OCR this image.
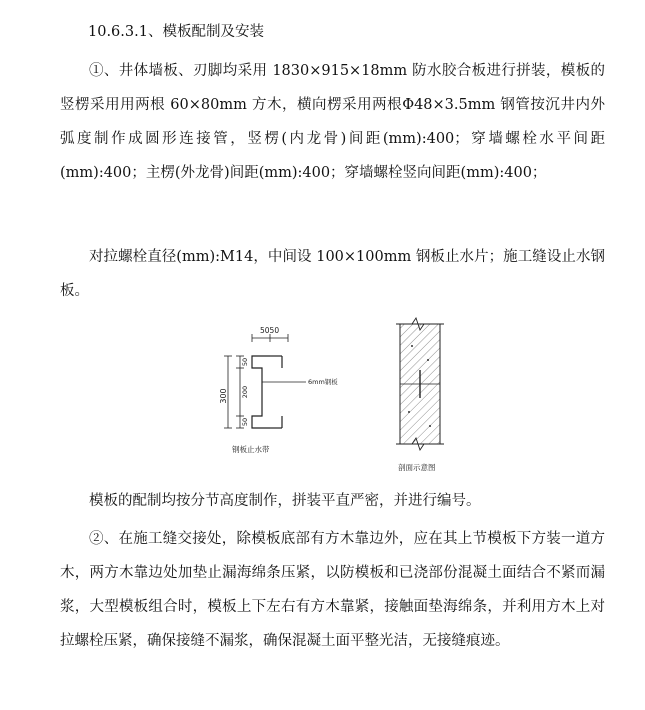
10.6.3.1、模板配制及安装

①、井体墙板、刃脚均采用 1830×915×18mm 防水胶合板进行拼装，模板的竖楞采用用两根 60×80mm 方木，横向楞采用两根Φ48×3.5mm 钢管按沉井内外弧度制作成圆形连接管，竖楞(内龙骨)间距(mm):400；穿墙螺栓水平间距(mm):400；主楞(外龙骨)间距(mm):400；穿墙螺栓竖向间距(mm):400；

对拉螺栓直径(mm):M14，中间设 100×100mm 钢板止水片；施工缝设止水钢板。

5050
300
50
200
50
6mm钢板
钢板止水带
剖面示意图

模板的配制均按分节高度制作，拼装平直严密，并进行编号。

②、在施工缝交接处，除模板底部有方木靠边外，应在其上节模板下方装一道方木，两方木靠边处加垫止漏海绵条压紧，以防模板和已浇部份混凝土面结合不紧而漏浆，大型模板组合时，模板上下左右有方木靠紧，接触面垫海绵条，并利用方木上对拉螺栓压紧，确保接缝不漏浆，确保混凝土面平整光洁，无接缝痕迹。
